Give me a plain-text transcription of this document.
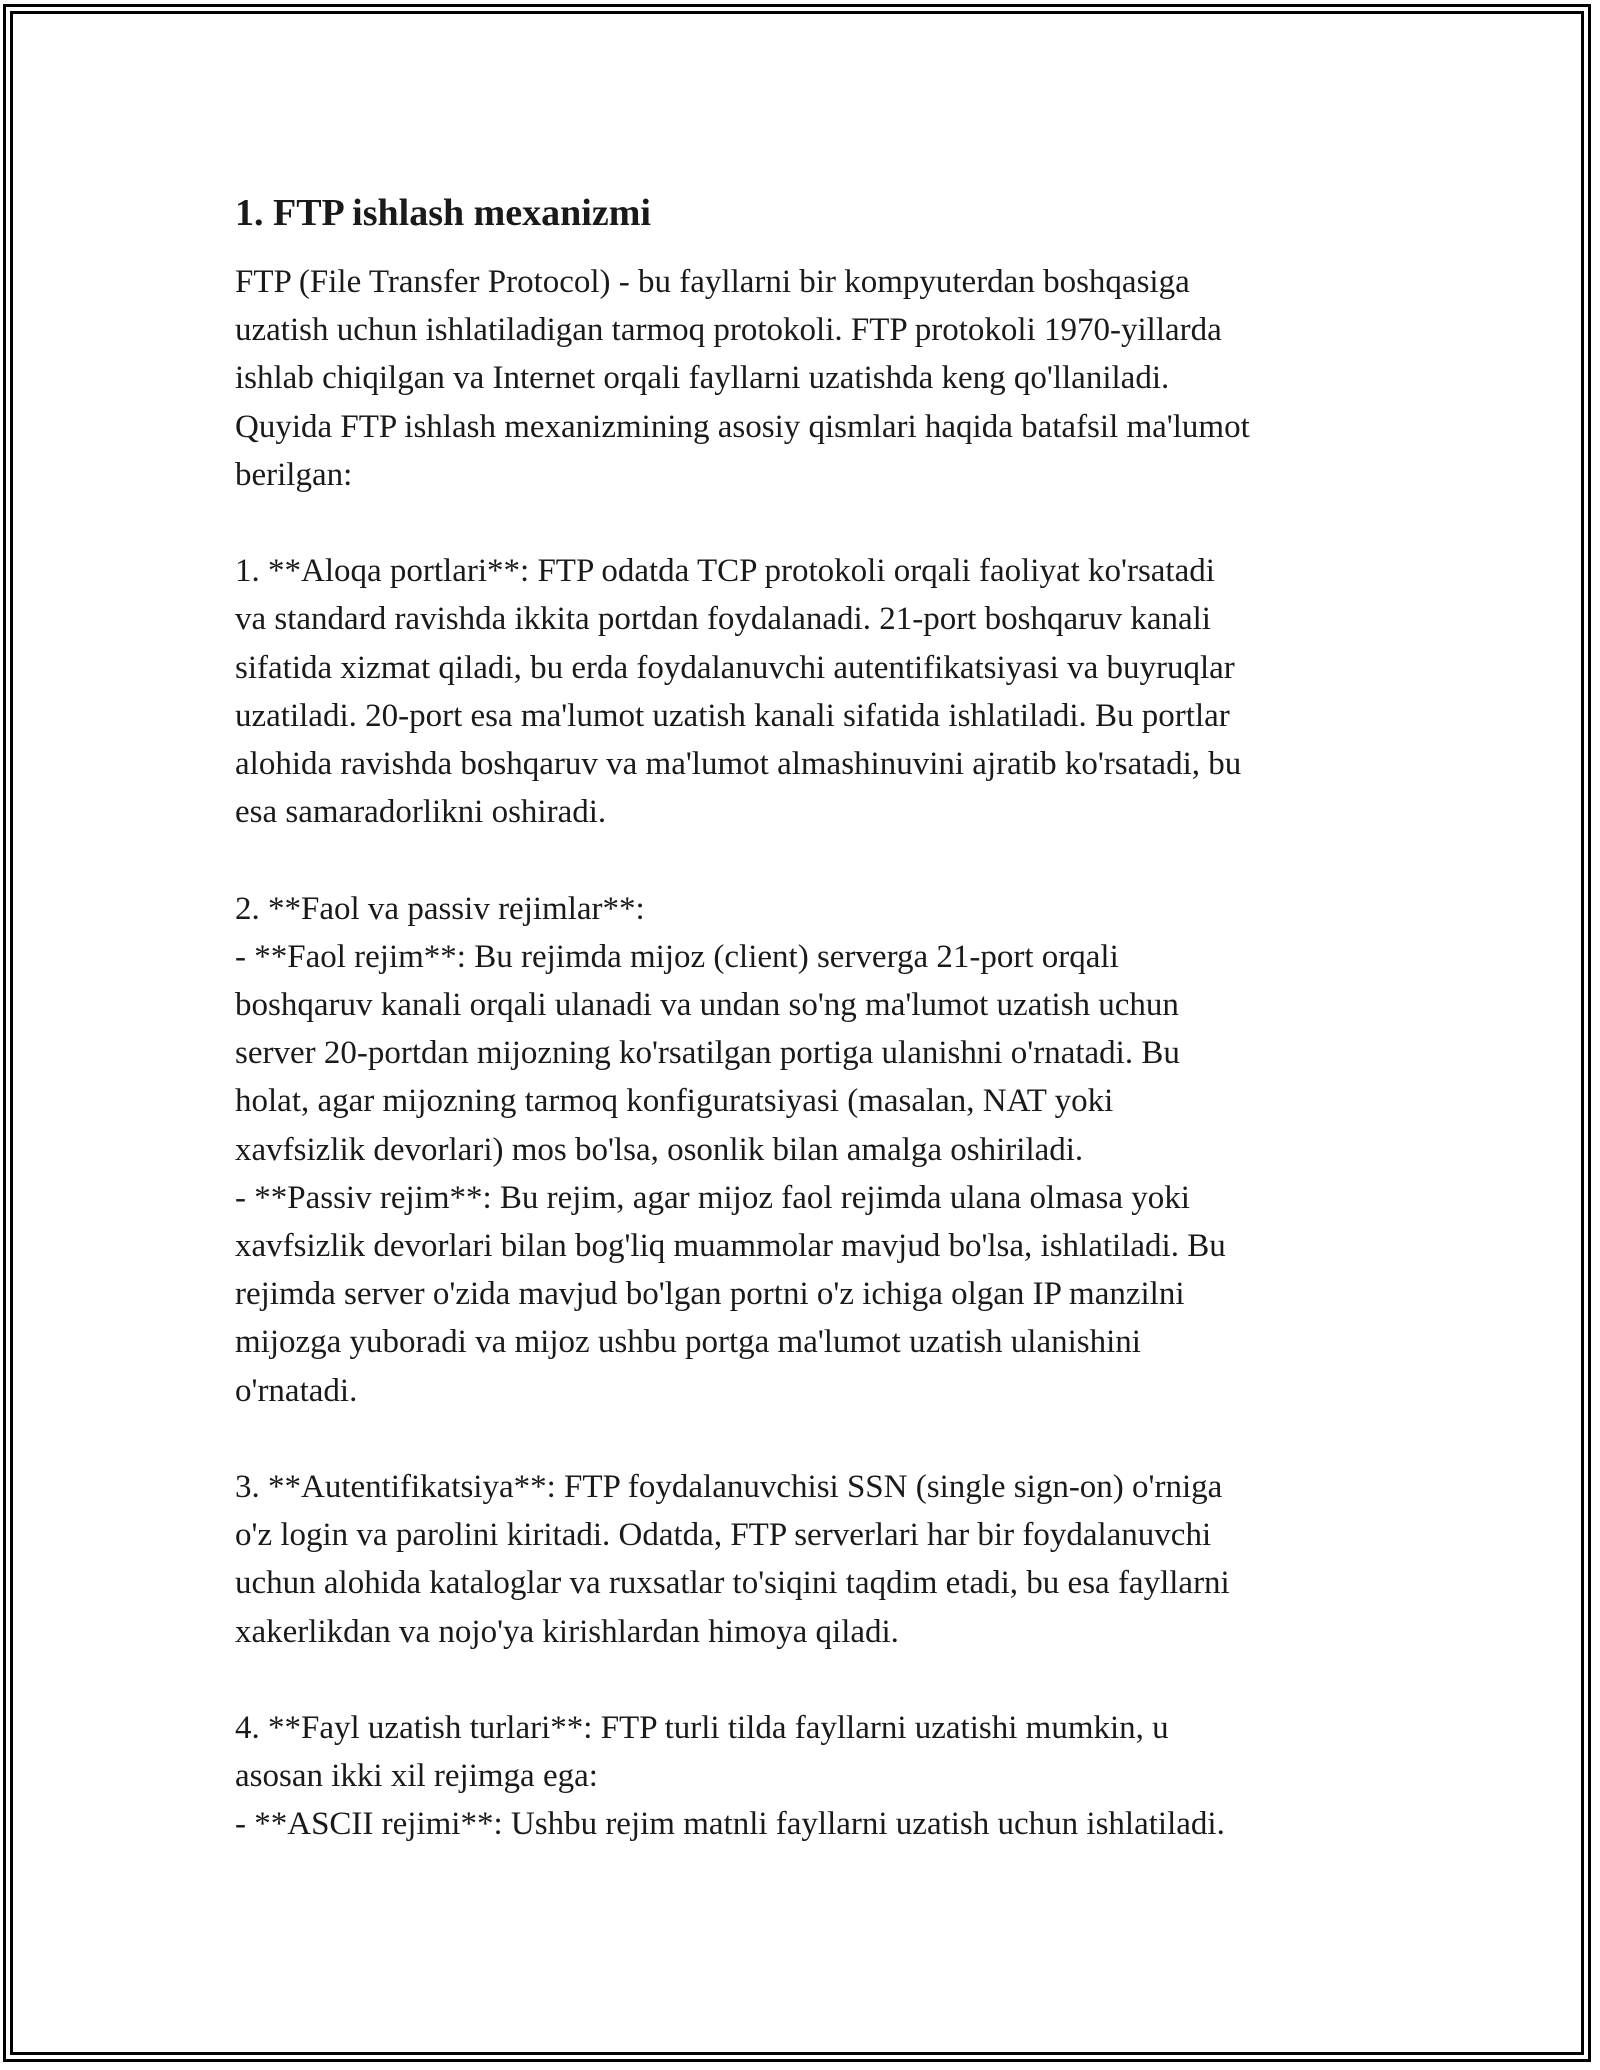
1. FTP ishlash mexanizmi

FTP (File Transfer Protocol) - bu fayllarni bir kompyuterdan boshqasiga
uzatish uchun ishlatiladigan tarmoq protokoli. FTP protokoli 1970-yillarda
ishlab chiqilgan va Internet orqali fayllarni uzatishda keng qo'llaniladi.
Quyida FTP ishlash mexanizmining asosiy qismlari haqida batafsil ma'lumot
berilgan:

1. **Aloqa portlari**: FTP odatda TCP protokoli orqali faoliyat ko'rsatadi
va standard ravishda ikkita portdan foydalanadi. 21-port boshqaruv kanali
sifatida xizmat qiladi, bu erda foydalanuvchi autentifikatsiyasi va buyruqlar
uzatiladi. 20-port esa ma'lumot uzatish kanali sifatida ishlatiladi. Bu portlar
alohida ravishda boshqaruv va ma'lumot almashinuvini ajratib ko'rsatadi, bu
esa samaradorlikni oshiradi.

2. **Faol va passiv rejimlar**:
- **Faol rejim**: Bu rejimda mijoz (client) serverga 21-port orqali
boshqaruv kanali orqali ulanadi va undan so'ng ma'lumot uzatish uchun
server 20-portdan mijozning ko'rsatilgan portiga ulanishni o'rnatadi. Bu
holat, agar mijozning tarmoq konfiguratsiyasi (masalan, NAT yoki
xavfsizlik devorlari) mos bo'lsa, osonlik bilan amalga oshiriladi.
- **Passiv rejim**: Bu rejim, agar mijoz faol rejimda ulana olmasa yoki
xavfsizlik devorlari bilan bog'liq muammolar mavjud bo'lsa, ishlatiladi. Bu
rejimda server o'zida mavjud bo'lgan portni o'z ichiga olgan IP manzilni
mijozga yuboradi va mijoz ushbu portga ma'lumot uzatish ulanishini
o'rnatadi.

3. **Autentifikatsiya**: FTP foydalanuvchisi SSN (single sign-on) o'rniga
o'z login va parolini kiritadi. Odatda, FTP serverlari har bir foydalanuvchi
uchun alohida kataloglar va ruxsatlar to'siqini taqdim etadi, bu esa fayllarni
xakerlikdan va nojo'ya kirishlardan himoya qiladi.

4. **Fayl uzatish turlari**: FTP turli tilda fayllarni uzatishi mumkin, u
asosan ikki xil rejimga ega:
- **ASCII rejimi**: Ushbu rejim matnli fayllarni uzatish uchun ishlatiladi.
